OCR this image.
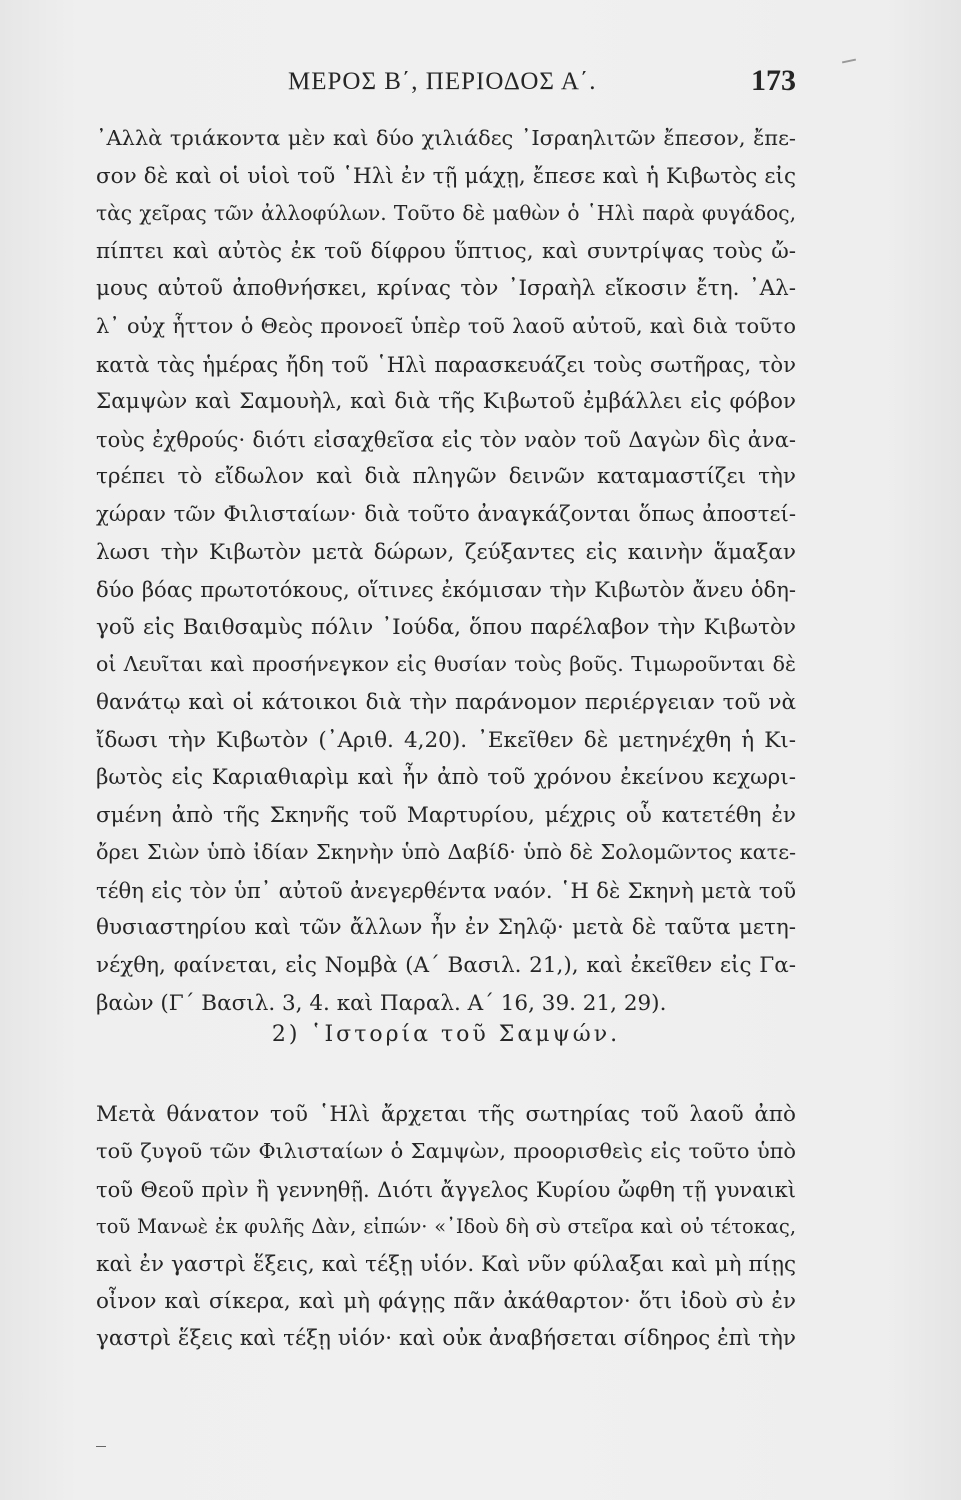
ΜΕΡΟΣ Β΄, ΠΕΡΙΟΔΟΣ Α΄.	173
᾿Αλλὰ τριάκοντα μὲν καὶ δύο χιλιάδες ᾿Ισραηλιτῶν ἔπεσον, ἔπε-
σον δὲ καὶ οἱ υἱοὶ τοῦ ῾Ηλὶ ἐν τῇ μάχῃ, ἔπεσε καὶ ἡ Κιβωτὸς εἰς
τὰς χεῖρας τῶν ἀλλοφύλων. Τοῦτο δὲ μαθὼν ὁ ῾Ηλὶ παρὰ φυγάδος,
πίπτει καὶ αὐτὸς ἐκ τοῦ δίφρου ὕπτιος, καὶ συντρίψας τοὺς ὤ-
μους αὐτοῦ ἀποθνήσκει, κρίνας τὸν ᾿Ισραὴλ εἴκοσιν ἔτη. ᾿Αλ-
λ᾿ οὐχ ἧττον ὁ Θεὸς προνοεῖ ὑπὲρ τοῦ λαοῦ αὐτοῦ, καὶ διὰ τοῦτο
κατὰ τὰς ἡμέρας ἤδη τοῦ ῾Ηλὶ παρασκευάζει τοὺς σωτῆρας, τὸν
Σαμψὼν καὶ Σαμουὴλ, καὶ διὰ τῆς Κιβωτοῦ ἐμβάλλει εἰς φόβον
τοὺς ἐχθρούς· διότι εἰσαχθεῖσα εἰς τὸν ναὸν τοῦ Δαγὼν δὶς ἀνα-
τρέπει τὸ εἴδωλον καὶ διὰ πληγῶν δεινῶν καταμαστίζει τὴν
χώραν τῶν Φιλισταίων· διὰ τοῦτο ἀναγκάζονται ὅπως ἀποστεί-
λωσι τὴν Κιβωτὸν μετὰ δώρων, ζεύξαντες εἰς καινὴν ἅμαξαν
δύο βόας πρωτοτόκους, οἵτινες ἐκόμισαν τὴν Κιβωτὸν ἄνευ ὁδη-
γοῦ εἰς Βαιθσαμὺς πόλιν ᾿Ιούδα, ὅπου παρέλαβον τὴν Κιβωτὸν
οἱ Λευῖται καὶ προσήνεγκον εἰς θυσίαν τοὺς βοῦς. Τιμωροῦνται δὲ
θανάτῳ καὶ οἱ κάτοικοι διὰ τὴν παράνομον περιέργειαν τοῦ νὰ
ἴδωσι τὴν Κιβωτὸν (᾿Αριθ. 4,20). ᾿Εκεῖθεν δὲ μετηνέχθη ἡ Κι-
βωτὸς εἰς Καριαθιαρὶμ καὶ ἦν ἀπὸ τοῦ χρόνου ἐκείνου κεχωρι-
σμένη ἀπὸ τῆς Σκηνῆς τοῦ Μαρτυρίου, μέχρις οὗ κατετέθη ἐν
ὄρει Σιὼν ὑπὸ ἰδίαν Σκηνὴν ὑπὸ Δαβίδ· ὑπὸ δὲ Σολομῶντος κατε-
τέθη εἰς τὸν ὑπ᾿ αὐτοῦ ἀνεγερθέντα ναόν. ῾Η δὲ Σκηνὴ μετὰ τοῦ
θυσιαστηρίου καὶ τῶν ἄλλων ἦν ἐν Σηλῷ· μετὰ δὲ ταῦτα μετη-
νέχθη, φαίνεται, εἰς Νομβὰ (Α΄ Βασιλ. 21,), καὶ ἐκεῖθεν εἰς Γα-
βαὼν (Γ΄ Βασιλ. 3, 4. καὶ Παραλ. Α΄ 16, 39. 21, 29).
2) ῾Ιστορία τοῦ Σαμψών.
Μετὰ θάνατον τοῦ ῾Ηλὶ ἄρχεται τῆς σωτηρίας τοῦ λαοῦ ἀπὸ
τοῦ ζυγοῦ τῶν Φιλισταίων ὁ Σαμψὼν, προορισθεὶς εἰς τοῦτο ὑπὸ
τοῦ Θεοῦ πρὶν ἢ γεννηθῇ. Διότι ἄγγελος Κυρίου ὤφθη τῇ γυναικὶ
τοῦ Μανωὲ ἐκ φυλῆς Δὰν, εἰπών· «᾿Ιδοὺ δὴ σὺ στεῖρα καὶ οὐ τέτοκας,
καὶ ἐν γαστρὶ ἕξεις, καὶ τέξῃ υἱόν. Καὶ νῦν φύλαξαι καὶ μὴ πίῃς
οἶνον καὶ σίκερα, καὶ μὴ φάγῃς πᾶν ἀκάθαρτον· ὅτι ἰδοὺ σὺ ἐν
γαστρὶ ἕξεις καὶ τέξῃ υἱόν· καὶ οὐκ ἀναβήσεται σίδηρος ἐπὶ τὴν
